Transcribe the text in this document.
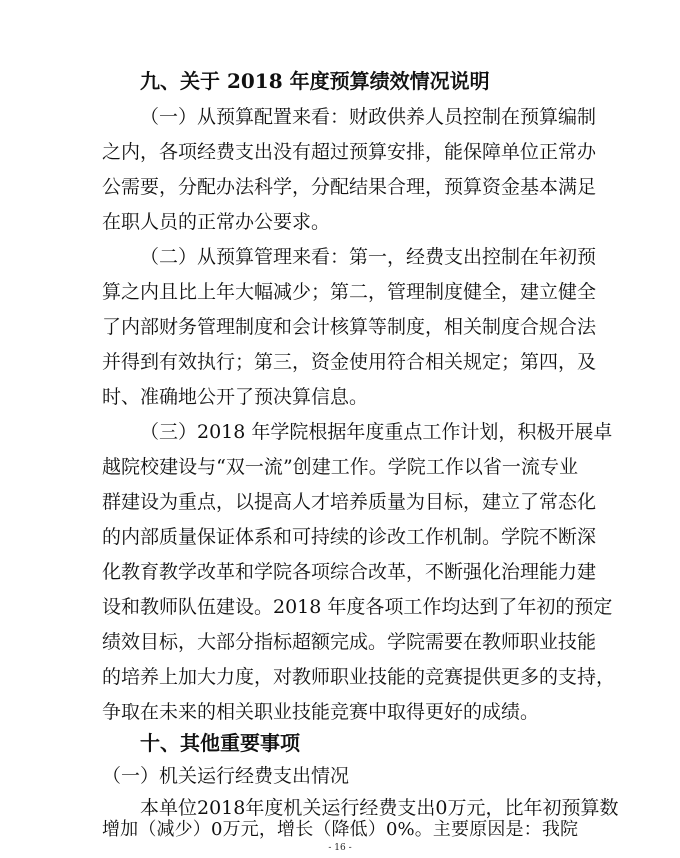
九、关于 2018 年度预算绩效情况说明
（一）从预算配置来看：财政供养人员控制在预算编制
之内，各项经费支出没有超过预算安排，能保障单位正常办
公需要，分配办法科学，分配结果合理，预算资金基本满足
在职人员的正常办公要求。
（二）从预算管理来看：第一，经费支出控制在年初预
算之内且比上年大幅减少；第二，管理制度健全，建立健全
了内部财务管理制度和会计核算等制度，相关制度合规合法
并得到有效执行；第三，资金使用符合相关规定；第四，及
时、准确地公开了预决算信息。
（三）2018 年学院根据年度重点工作计划，积极开展卓
越院校建设与“双一流”创建工作。学院工作以省一流专业
群建设为重点，以提高人才培养质量为目标，建立了常态化
的内部质量保证体系和可持续的诊改工作机制。学院不断深
化教育教学改革和学院各项综合改革，不断强化治理能力建
设和教师队伍建设。2018 年度各项工作均达到了年初的预定
绩效目标，大部分指标超额完成。学院需要在教师职业技能
的培养上加大力度，对教师职业技能的竞赛提供更多的支持，
争取在未来的相关职业技能竞赛中取得更好的成绩。
十、其他重要事项
（一）机关运行经费支出情况
本单位2018年度机关运行经费支出0万元，比年初预算数
增加（减少）0万元，增长（降低）0%。主要原因是：我院
- 16 -
